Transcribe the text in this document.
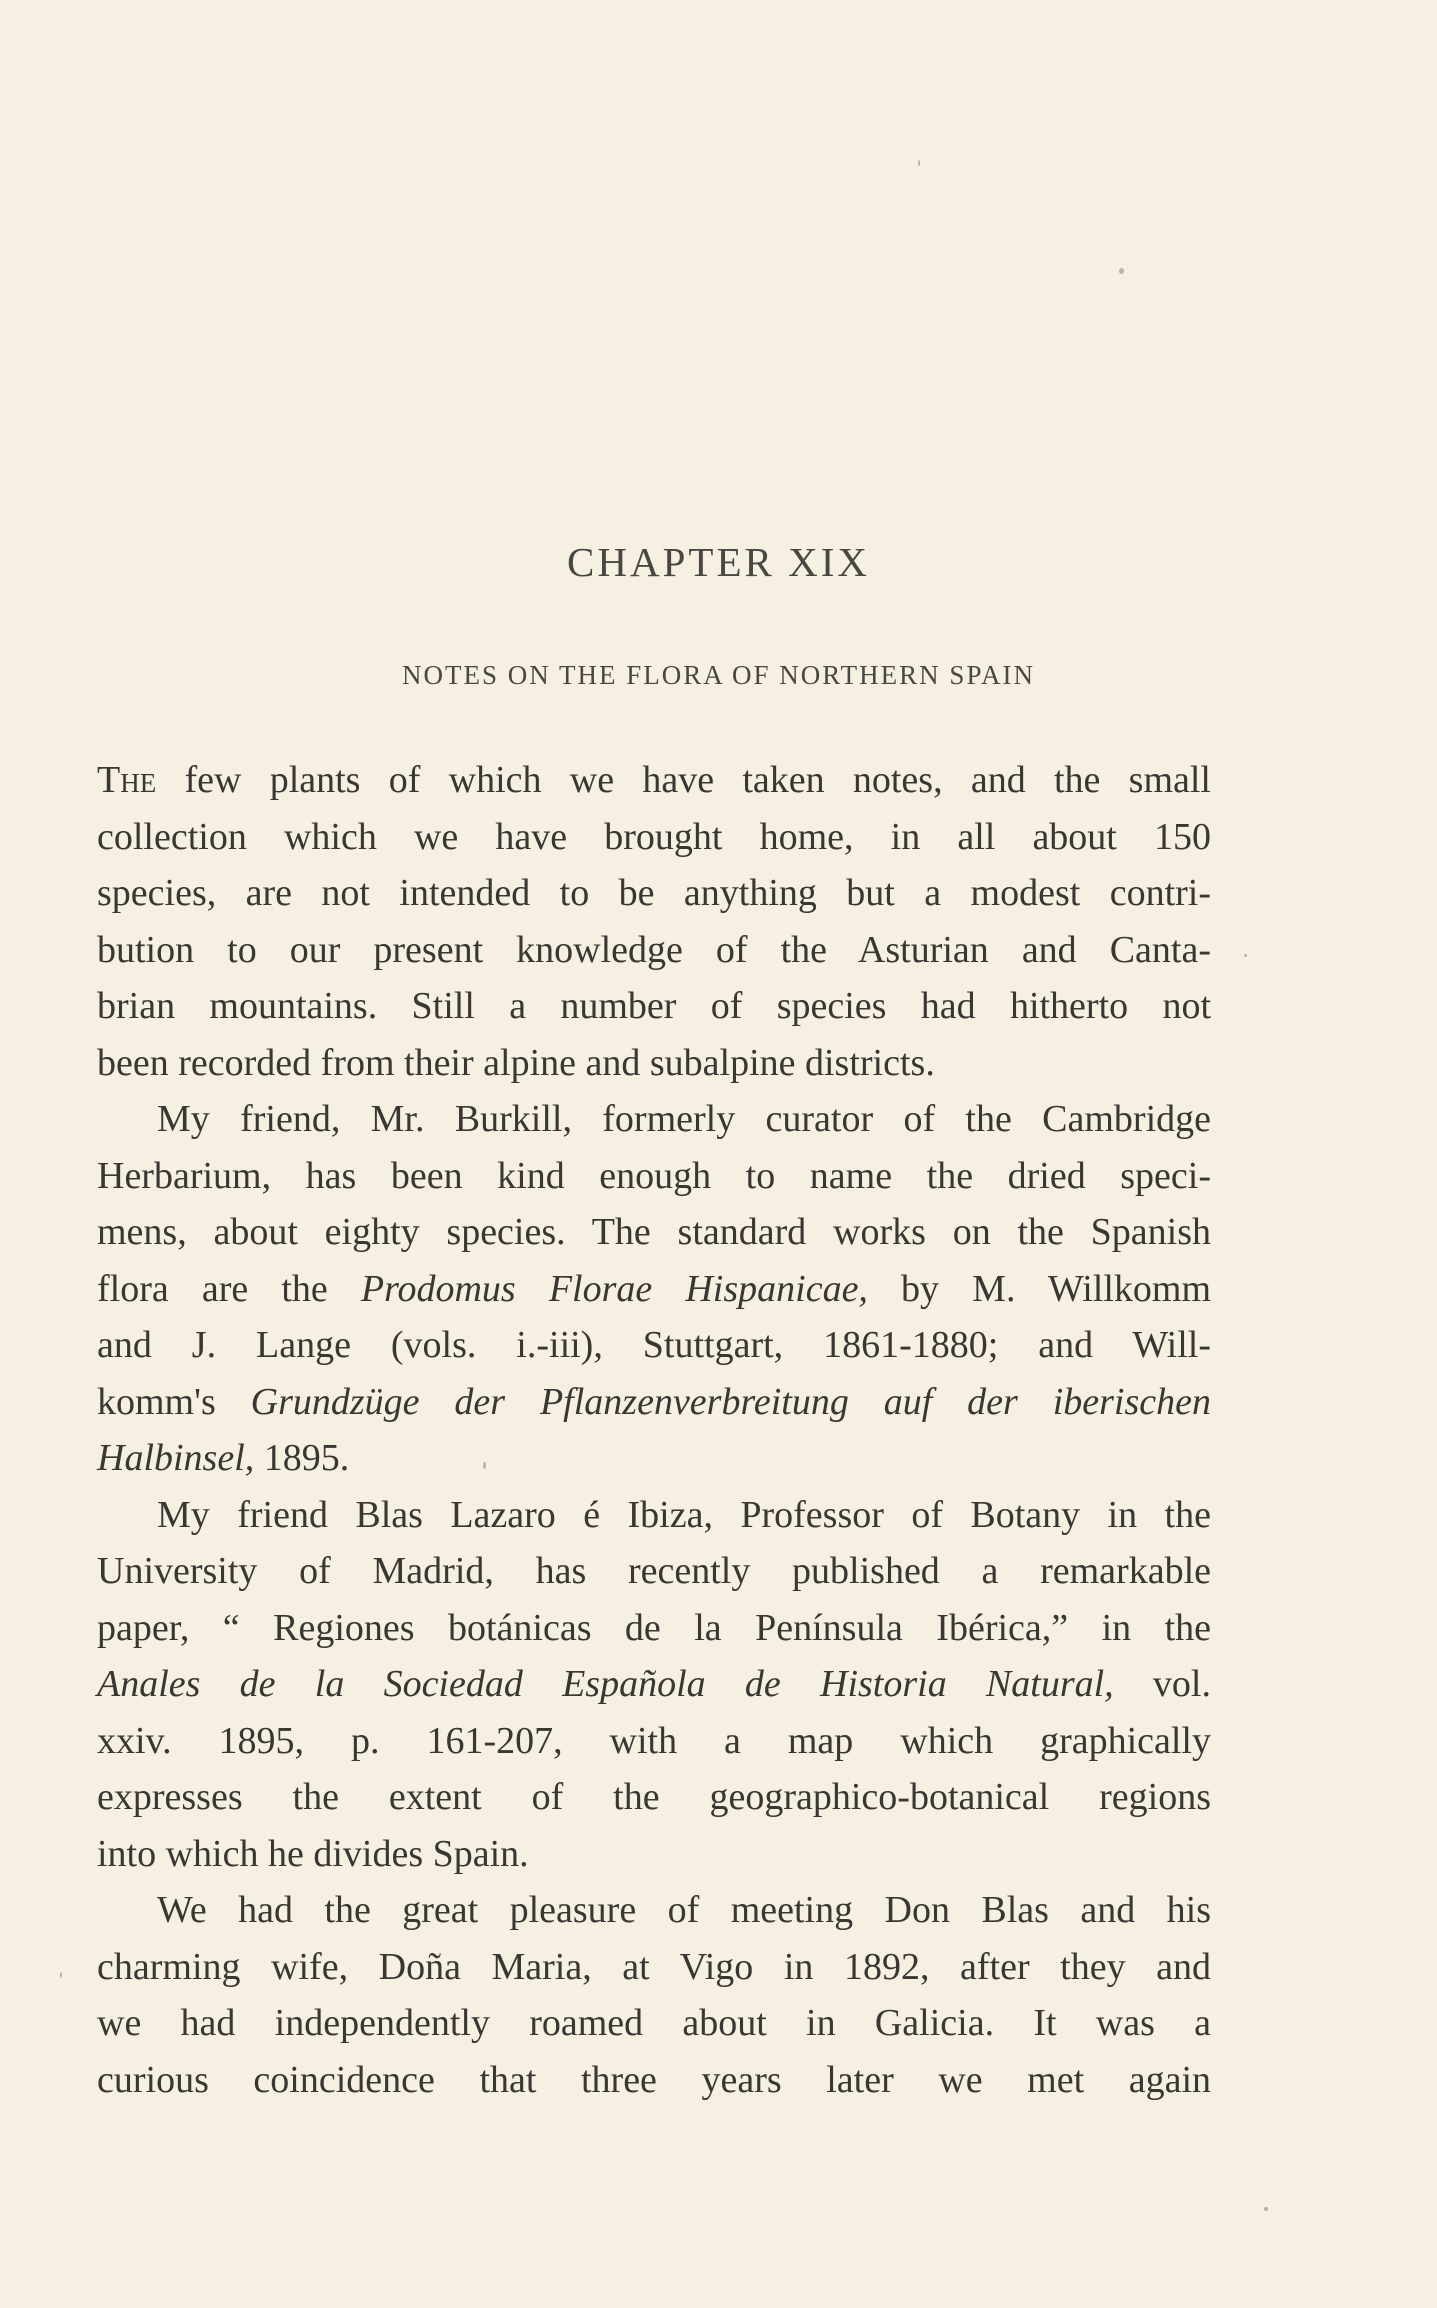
CHAPTER XIX
NOTES ON THE FLORA OF NORTHERN SPAIN
The few plants of which we have taken notes, and the small
collection which we have brought home, in all about 150
species, are not intended to be anything but a modest contri-
bution to our present knowledge of the Asturian and Canta-
brian mountains. Still a number of species had hitherto not
been recorded from their alpine and subalpine districts.
My friend, Mr. Burkill, formerly curator of the Cambridge
Herbarium, has been kind enough to name the dried speci-
mens, about eighty species. The standard works on the Spanish
flora are the Prodomus Florae Hispanicae, by M. Willkomm
and J. Lange (vols. i.-iii), Stuttgart, 1861-1880; and Will-
komm's Grundzüge der Pflanzenverbreitung auf der iberischen
Halbinsel, 1895.
My friend Blas Lazaro é Ibiza, Professor of Botany in the
University of Madrid, has recently published a remarkable
paper, “ Regiones botánicas de la Península Ibérica,” in the
Anales de la Sociedad Española de Historia Natural, vol.
xxiv. 1895, p. 161-207, with a map which graphically
expresses the extent of the geographico-botanical regions
into which he divides Spain.
We had the great pleasure of meeting Don Blas and his
charming wife, Doña Maria, at Vigo in 1892, after they and
we had independently roamed about in Galicia. It was a
curious coincidence that three years later we met again
